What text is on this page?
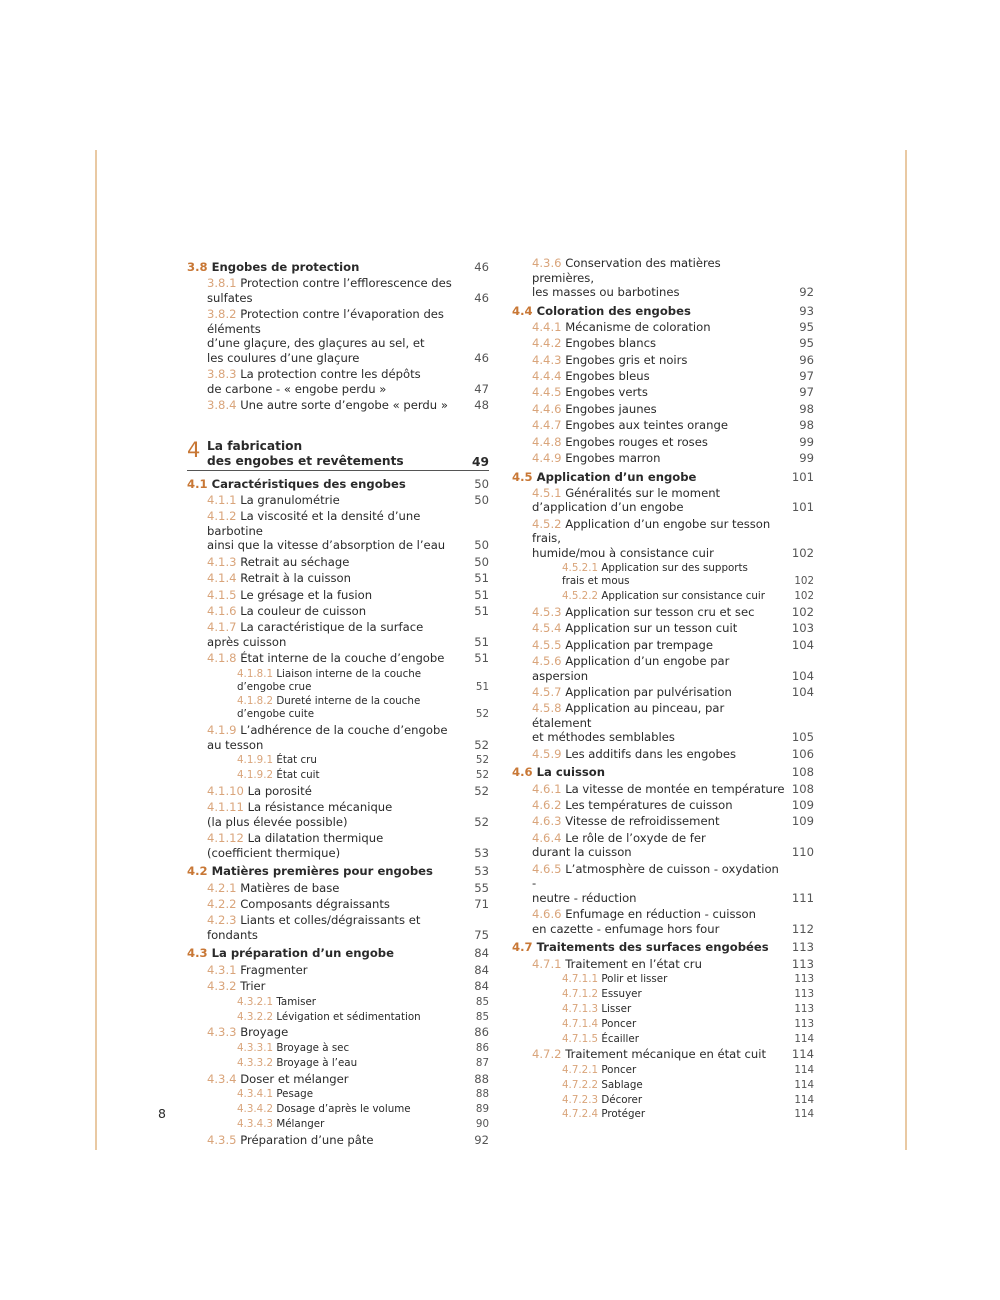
3.8 Engobes de protection	46
3.8.1 Protection contre l’efflorescence des sulfates	46
3.8.2 Protection contre l’évaporation des éléments
d’une glaçure, des glaçures au sel, et
les coulures d’une glaçure	46
3.8.3 La protection contre les dépôts
de carbone - « engobe perdu »	47
3.8.4 Une autre sorte d’engobe « perdu »	48
4 La fabrication
des engobes et revêtements	49
4.1 Caractéristiques des engobes	50
4.1.1 La granulométrie	50
4.1.2 La viscosité et la densité d’une barbotine
ainsi que la vitesse d’absorption de l’eau	50
4.1.3 Retrait au séchage	50
4.1.4 Retrait à la cuisson	51
4.1.5 Le grésage et la fusion	51
4.1.6 La couleur de cuisson	51
4.1.7 La caractéristique de la surface
après cuisson	51
4.1.8 État interne de la couche d’engobe	51
4.1.8.1 Liaison interne de la couche
d’engobe crue	51
4.1.8.2 Dureté interne de la couche
d’engobe cuite	52
4.1.9 L’adhérence de la couche d’engobe au tesson	52
4.1.9.1 État cru	52
4.1.9.2 État cuit	52
4.1.10 La porosité	52
4.1.11 La résistance mécanique
(la plus élevée possible)	52
4.1.12 La dilatation thermique
(coefficient thermique)	53
4.2 Matières premières pour engobes	53
4.2.1 Matières de base	55
4.2.2 Composants dégraissants	71
4.2.3 Liants et colles/dégraissants et fondants	75
4.3 La préparation d’un engobe	84
4.3.1 Fragmenter	84
4.3.2 Trier	84
4.3.2.1 Tamiser	85
4.3.2.2 Lévigation et sédimentation	85
4.3.3 Broyage	86
4.3.3.1 Broyage à sec	86
4.3.3.2 Broyage à l’eau	87
4.3.4 Doser et mélanger	88
4.3.4.1 Pesage	88
4.3.4.2 Dosage d’après le volume	89
4.3.4.3 Mélanger	90
4.3.5 Préparation d’une pâte	92
4.3.6 Conservation des matières premières,
les masses ou barbotines	92
4.4 Coloration des engobes	93
4.4.1 Mécanisme de coloration	95
4.4.2 Engobes blancs	95
4.4.3 Engobes gris et noirs	96
4.4.4 Engobes bleus	97
4.4.5 Engobes verts	97
4.4.6 Engobes jaunes	98
4.4.7 Engobes aux teintes orange	98
4.4.8 Engobes rouges et roses	99
4.4.9 Engobes marron	99
4.5 Application d’un engobe	101
4.5.1 Généralités sur le moment
d’application d’un engobe	101
4.5.2 Application d’un engobe sur tesson frais,
humide/mou à consistance cuir	102
4.5.2.1 Application sur des supports
frais et mous	102
4.5.2.2 Application sur consistance cuir	102
4.5.3 Application sur tesson cru et sec	102
4.5.4 Application sur un tesson cuit	103
4.5.5 Application par trempage	104
4.5.6 Application d’un engobe par aspersion	104
4.5.7 Application par pulvérisation	104
4.5.8 Application au pinceau, par étalement
et méthodes semblables	105
4.5.9 Les additifs dans les engobes	106
4.6 La cuisson	108
4.6.1 La vitesse de montée en température 108
4.6.2 Les températures de cuisson	109
4.6.3 Vitesse de refroidissement	109
4.6.4 Le rôle de l’oxyde de fer
durant la cuisson	110
4.6.5 L’atmosphère de cuisson - oxydation -
neutre - réduction	111
4.6.6 Enfumage en réduction - cuisson
en cazette - enfumage hors four	112
4.7 Traitements des surfaces engobées	113
4.7.1 Traitement en l’état cru	113
4.7.1.1 Polir et lisser	113
4.7.1.2 Essuyer	113
4.7.1.3 Lisser	113
4.7.1.4 Poncer	113
4.7.1.5 Écailler	114
4.7.2 Traitement mécanique en état cuit	114
4.7.2.1 Poncer	114
4.7.2.2 Sablage	114
4.7.2.3 Décorer	114
4.7.2.4 Protéger	114
8
